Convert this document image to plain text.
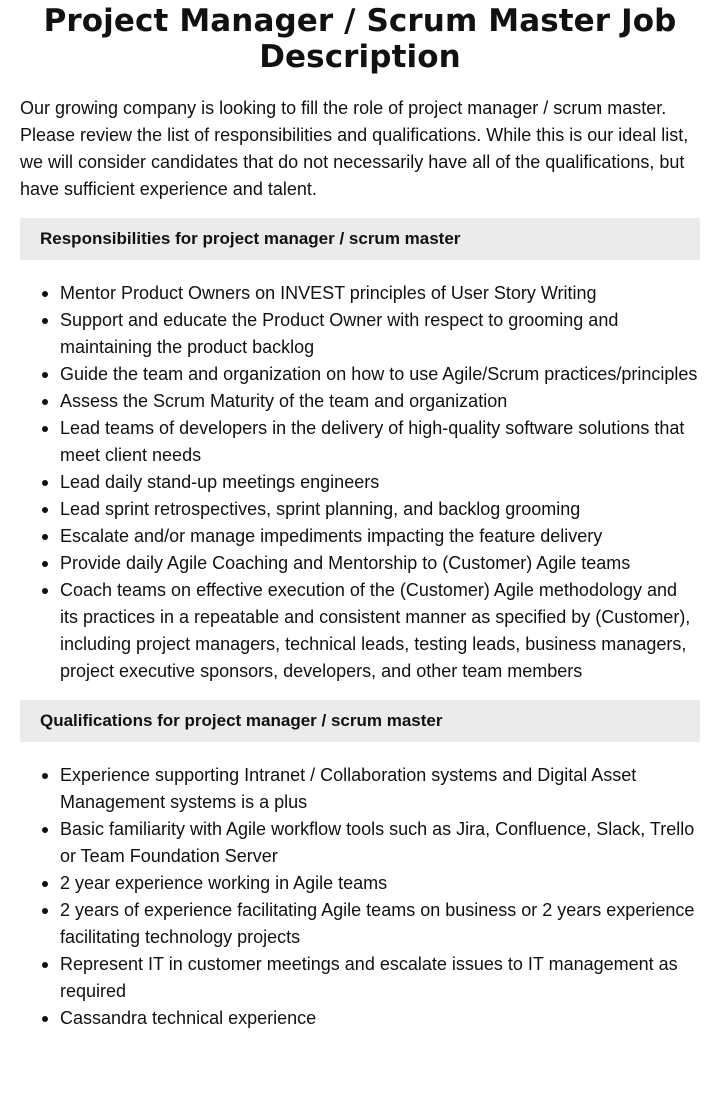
Project Manager / Scrum Master Job Description

Our growing company is looking to fill the role of project manager / scrum master. Please review the list of responsibilities and qualifications. While this is our ideal list, we will consider candidates that do not necessarily have all of the qualifications, but have sufficient experience and talent.

Responsibilities for project manager / scrum master
Mentor Product Owners on INVEST principles of User Story Writing
Support and educate the Product Owner with respect to grooming and maintaining the product backlog
Guide the team and organization on how to use Agile/Scrum practices/principles
Assess the Scrum Maturity of the team and organization
Lead teams of developers in the delivery of high-quality software solutions that meet client needs
Lead daily stand-up meetings engineers
Lead sprint retrospectives, sprint planning, and backlog grooming
Escalate and/or manage impediments impacting the feature delivery
Provide daily Agile Coaching and Mentorship to (Customer) Agile teams
Coach teams on effective execution of the (Customer) Agile methodology and its practices in a repeatable and consistent manner as specified by (Customer), including project managers, technical leads, testing leads, business managers, project executive sponsors, developers, and other team members
Qualifications for project manager / scrum master
Experience supporting Intranet / Collaboration systems and Digital Asset Management systems is a plus
Basic familiarity with Agile workflow tools such as Jira, Confluence, Slack, Trello or Team Foundation Server
2 year experience working in Agile teams
2 years of experience facilitating Agile teams on business or 2 years experience facilitating technology projects
Represent IT in customer meetings and escalate issues to IT management as required
Cassandra technical experience
